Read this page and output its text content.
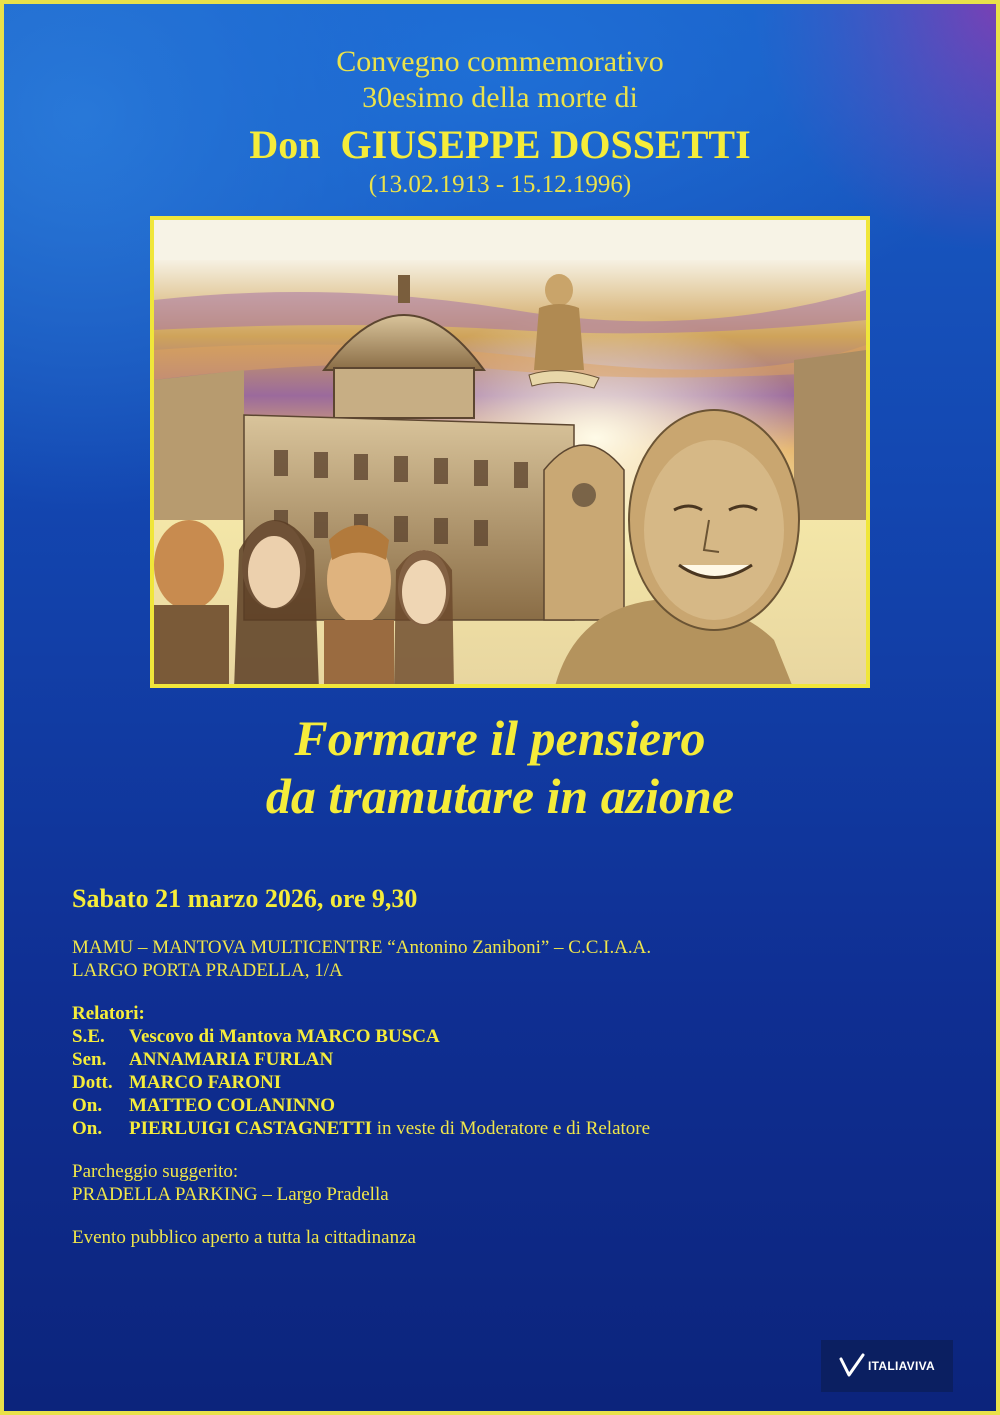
Convegno commemorativo
30esimo della morte di
Don  GIUSEPPE DOSSETTI
(13.02.1913 - 15.12.1996)
Formare il pensiero
da tramutare in azione
Sabato 21 marzo 2026, ore 9,30
MAMU – MANTOVA MULTICENTRE “Antonino Zaniboni” – C.C.I.A.A.
LARGO PORTA PRADELLA, 1/A
Relatori:
S.E. Vescovo di Mantova MARCO BUSCA
Sen. ANNAMARIA FURLAN
Dott. MARCO FARONI
On. MATTEO COLANINNO
On. PIERLUIGI CASTAGNETTI in veste di Moderatore e di Relatore
Parcheggio suggerito:
PRADELLA PARKING – Largo Pradella
Evento pubblico aperto a tutta la cittadinanza
ITALIAVIVA
